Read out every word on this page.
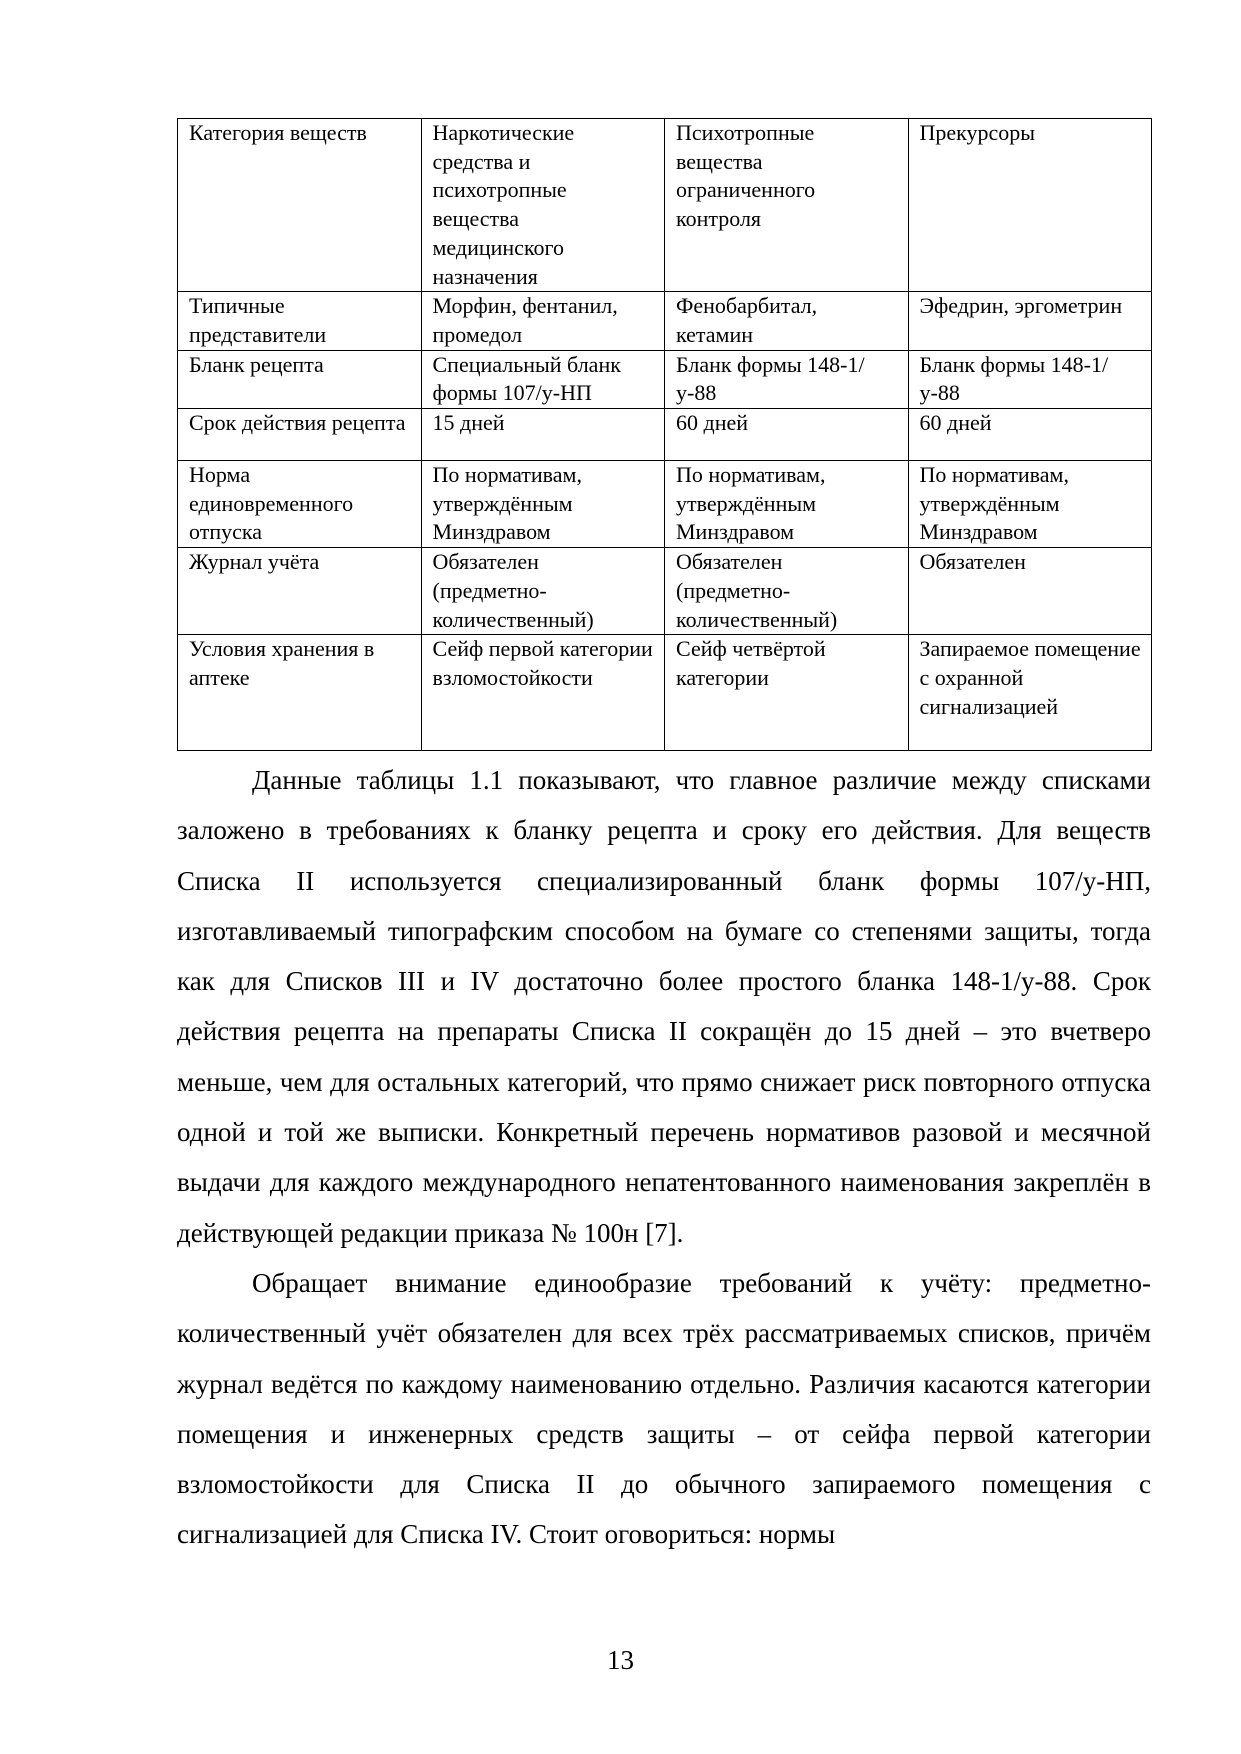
Категория веществ	Наркотические средства и психотропные вещества медицинского назначения	Психотропные вещества ограниченного контроля	Прекурсоры
Типичные представители	Морфин, фентанил, промедол	Фенобарбитал, кетамин	Эфедрин, эргометрин
Бланк рецепта	Специальный бланк формы 107/у-НП	Бланк формы 148-1/у-88	Бланк формы 148-1/у-88
Срок действия рецепта	15 дней	60 дней	60 дней
Норма единовременного отпуска	По нормативам, утверждённым Минздравом	По нормативам, утверждённым Минздравом	По нормативам, утверждённым Минздравом
Журнал учёта	Обязателен (предметно-количественный)	Обязателен (предметно-количественный)	Обязателен
Условия хранения в аптеке	Сейф первой категории взломостойкости	Сейф четвёртой категории	Запираемое помещение с охранной сигнализацией

Данные таблицы 1.1 показывают, что главное различие между списками заложено в требованиях к бланку рецепта и сроку его действия. Для веществ Списка II используется специализированный бланк формы 107/у-НП, изготавливаемый типографским способом на бумаге со степенями защиты, тогда как для Списков III и IV достаточно более простого бланка 148-1/у-88. Срок действия рецепта на препараты Списка II сокращён до 15 дней – это вчетверо меньше, чем для остальных категорий, что прямо снижает риск повторного отпуска одной и той же выписки. Конкретный перечень нормативов разовой и месячной выдачи для каждого международного непатентованного наименования закреплён в действующей редакции приказа № 100н [7].

Обращает внимание единообразие требований к учёту: предметно-количественный учёт обязателен для всех трёх рассматриваемых списков, причём журнал ведётся по каждому наименованию отдельно. Различия касаются категории помещения и инженерных средств защиты – от сейфа первой категории взломостойкости для Списка II до обычного запираемого помещения с сигнализацией для Списка IV. Стоит оговориться: нормы

13
